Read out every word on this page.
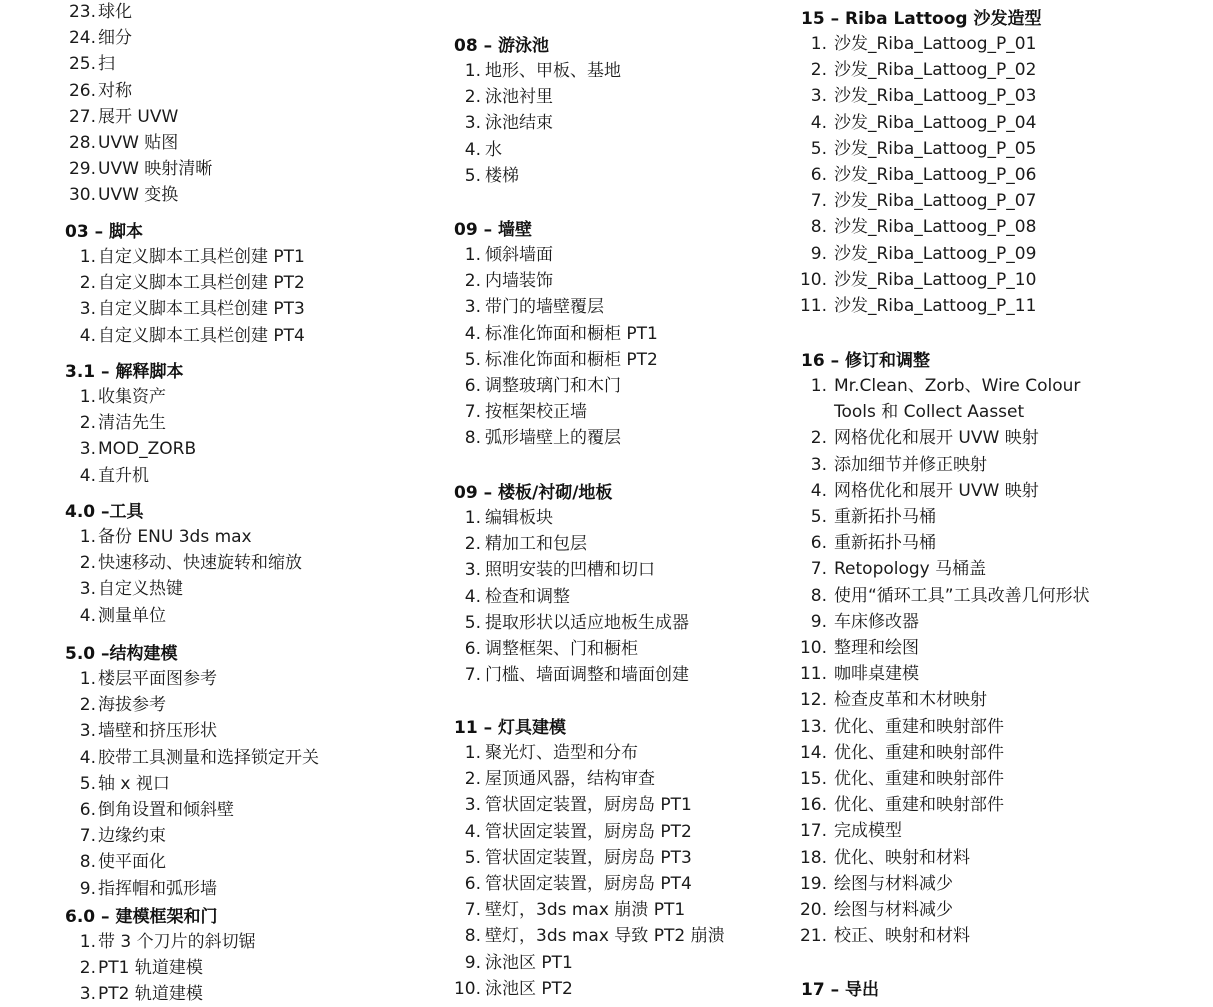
23. 球化
24. 细分
25. 扫
26. 对称
27. 展开 UVW
28. UVW 贴图
29. UVW 映射清晰
30. UVW 变换
03 – 脚本
1. 自定义脚本工具栏创建 PT1
2. 自定义脚本工具栏创建 PT2
3. 自定义脚本工具栏创建 PT3
4. 自定义脚本工具栏创建 PT4
3.1 – 解释脚本
1. 收集资产
2. 清洁先生
3. MOD_ZORB
4. 直升机
4.0 –工具
1. 备份 ENU 3ds max
2. 快速移动、快速旋转和缩放
3. 自定义热键
4. 测量单位
5.0 –结构建模
1. 楼层平面图参考
2. 海拔参考
3. 墙壁和挤压形状
4. 胶带工具测量和选择锁定开关
5. 轴 x 视口
6. 倒角设置和倾斜壁
7. 边缘约束
8. 使平面化
9. 指挥帽和弧形墙
6.0 – 建模框架和门
1. 带 3 个刀片的斜切锯
2. PT1 轨道建模
3. PT2 轨道建模
08 – 游泳池
1. 地形、甲板、基地
2. 泳池衬里
3. 泳池结束
4. 水
5. 楼梯
09 – 墙壁
1. 倾斜墙面
2. 内墙装饰
3. 带门的墙壁覆层
4. 标准化饰面和橱柜 PT1
5. 标准化饰面和橱柜 PT2
6. 调整玻璃门和木门
7. 按框架校正墙
8. 弧形墙壁上的覆层
09 – 楼板/衬砌/地板
1. 编辑板块
2. 精加工和包层
3. 照明安装的凹槽和切口
4. 检查和调整
5. 提取形状以适应地板生成器
6. 调整框架、门和橱柜
7. 门槛、墙面调整和墙面创建
11 – 灯具建模
1. 聚光灯、造型和分布
2. 屋顶通风器，结构审查
3. 管状固定装置，厨房岛 PT1
4. 管状固定装置，厨房岛 PT2
5. 管状固定装置，厨房岛 PT3
6. 管状固定装置，厨房岛 PT4
7. 壁灯，3ds max 崩溃 PT1
8. 壁灯，3ds max 导致 PT2 崩溃
9. 泳池区 PT1
10. 泳池区 PT2
15 – Riba Lattoog 沙发造型
1. 沙发_Riba_Lattoog_P_01
2. 沙发_Riba_Lattoog_P_02
3. 沙发_Riba_Lattoog_P_03
4. 沙发_Riba_Lattoog_P_04
5. 沙发_Riba_Lattoog_P_05
6. 沙发_Riba_Lattoog_P_06
7. 沙发_Riba_Lattoog_P_07
8. 沙发_Riba_Lattoog_P_08
9. 沙发_Riba_Lattoog_P_09
10. 沙发_Riba_Lattoog_P_10
11. 沙发_Riba_Lattoog_P_11
16 – 修订和调整
1. Mr.Clean、Zorb、Wire Colour
Tools 和 Collect Aasset
2. 网格优化和展开 UVW 映射
3. 添加细节并修正映射
4. 网格优化和展开 UVW 映射
5. 重新拓扑马桶
6. 重新拓扑马桶
7. Retopology 马桶盖
8. 使用“循环工具”工具改善几何形状
9. 车床修改器
10. 整理和绘图
11. 咖啡桌建模
12. 检查皮革和木材映射
13. 优化、重建和映射部件
14. 优化、重建和映射部件
15. 优化、重建和映射部件
16. 优化、重建和映射部件
17. 完成模型
18. 优化、映射和材料
19. 绘图与材料减少
20. 绘图与材料减少
21. 校正、映射和材料
17 – 导出
